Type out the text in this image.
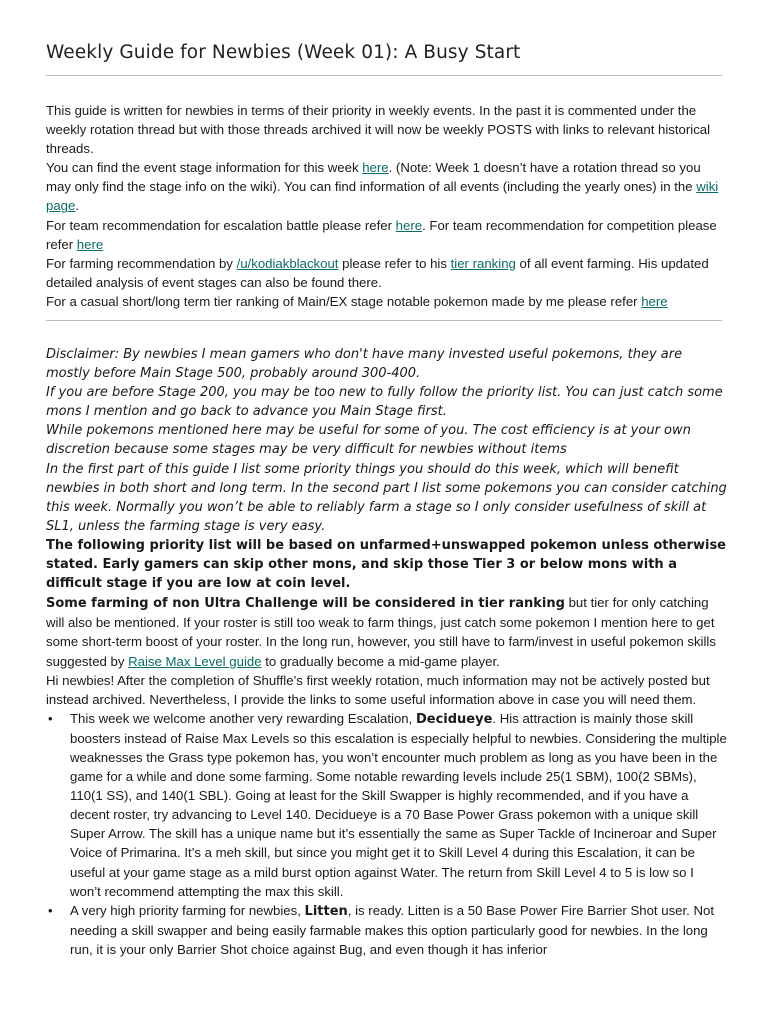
Weekly Guide for Newbies (Week 01): A Busy Start

This guide is written for newbies in terms of their priority in weekly events. In the past it is commented under the weekly rotation thread but with those threads archived it will now be weekly POSTS with links to relevant historical threads.

You can find the event stage information for this week here. (Note: Week 1 doesn’t have a rotation thread so you may only find the stage info on the wiki). You can find information of all events (including the yearly ones) in the wiki page.

For team recommendation for escalation battle please refer here. For team recommendation for competition please refer here

For farming recommendation by /u/kodiakblackout please refer to his tier ranking of all event farming. His updated detailed analysis of event stages can also be found there.

For a casual short/long term tier ranking of Main/EX stage notable pokemon made by me please refer here

Disclaimer: By newbies I mean gamers who don't have many invested useful pokemons, they are mostly before Main Stage 500, probably around 300-400.

If you are before Stage 200, you may be too new to fully follow the priority list. You can just catch some mons I mention and go back to advance you Main Stage first.

While pokemons mentioned here may be useful for some of you. The cost efficiency is at your own discretion because some stages may be very difficult for newbies without items

In the first part of this guide I list some priority things you should do this week, which will benefit newbies in both short and long term. In the second part I list some pokemons you can consider catching this week. Normally you won’t be able to reliably farm a stage so I only consider usefulness of skill at SL1, unless the farming stage is very easy.

The following priority list will be based on unfarmed+unswapped pokemon unless otherwise stated. Early gamers can skip other mons, and skip those Tier 3 or below mons with a difficult stage if you are low at coin level.

Some farming of non Ultra Challenge will be considered in tier ranking but tier for only catching will also be mentioned. If your roster is still too weak to farm things, just catch some pokemon I mention here to get some short-term boost of your roster. In the long run, however, you still have to farm/invest in useful pokemon skills suggested by Raise Max Level guide to gradually become a mid-game player.

Hi newbies! After the completion of Shuffle’s first weekly rotation, much information may not be actively posted but instead archived. Nevertheless, I provide the links to some useful information above in case you will need them.

• This week we welcome another very rewarding Escalation, Decidueye. His attraction is mainly those skill boosters instead of Raise Max Levels so this escalation is especially helpful to newbies. Considering the multiple weaknesses the Grass type pokemon has, you won’t encounter much problem as long as you have been in the game for a while and done some farming. Some notable rewarding levels include 25(1 SBM), 100(2 SBMs), 110(1 SS), and 140(1 SBL). Going at least for the Skill Swapper is highly recommended, and if you have a decent roster, try advancing to Level 140. Decidueye is a 70 Base Power Grass pokemon with a unique skill Super Arrow. The skill has a unique name but it’s essentially the same as Super Tackle of Incineroar and Super Voice of Primarina. It’s a meh skill, but since you might get it to Skill Level 4 during this Escalation, it can be useful at your game stage as a mild burst option against Water. The return from Skill Level 4 to 5 is low so I won’t recommend attempting the max this skill.
• A very high priority farming for newbies, Litten, is ready. Litten is a 50 Base Power Fire Barrier Shot user. Not needing a skill swapper and being easily farmable makes this option particularly good for newbies. In the long run, it is your only Barrier Shot choice against Bug, and even though it has inferior
